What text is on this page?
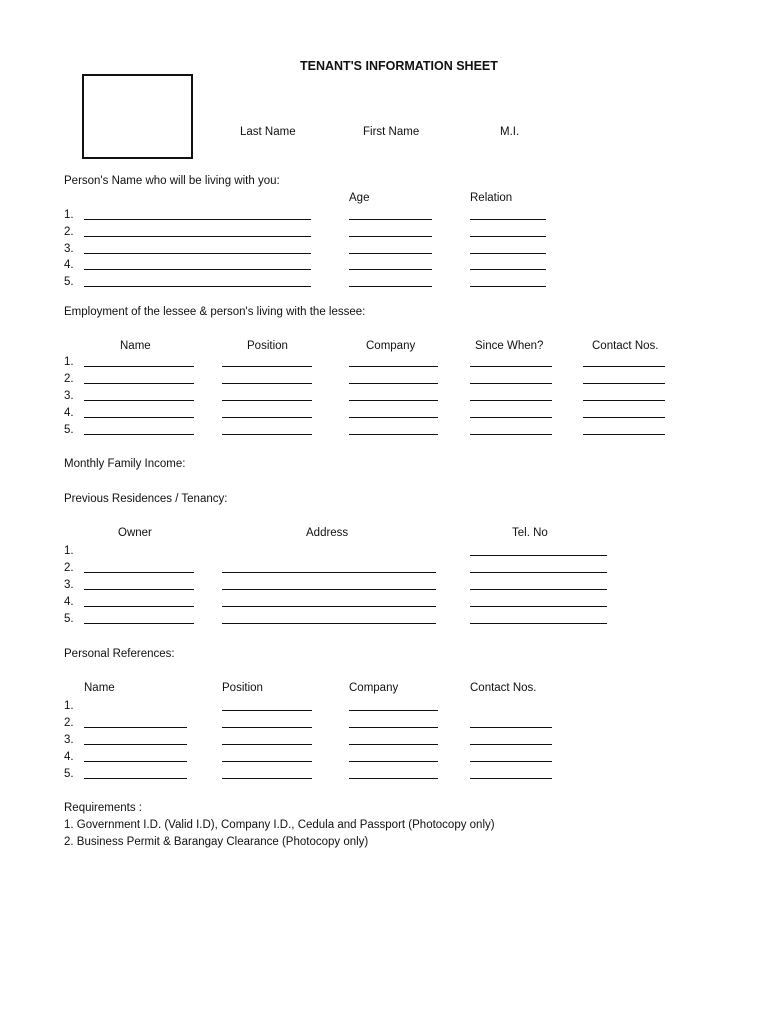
TENANT'S INFORMATION SHEET
Last Name	First Name	M.I.
Person's Name who will be living with you:
Age	Relation
1.
2.
3.
4.
5.
Employment of the lessee & person's living with the lessee:
Name	Position	Company	Since When?	Contact Nos.
1.
2.
3.
4.
5.
Monthly Family Income:
Previous Residences / Tenancy:
Owner	Address	Tel. No
1.
2.
3.
4.
5.
Personal References:
Name	Position	Company	Contact Nos.
1.
2.
3.
4.
5.
Requirements :
1. Government I.D. (Valid I.D), Company I.D., Cedula and Passport (Photocopy only)
2. Business Permit & Barangay Clearance (Photocopy only)
